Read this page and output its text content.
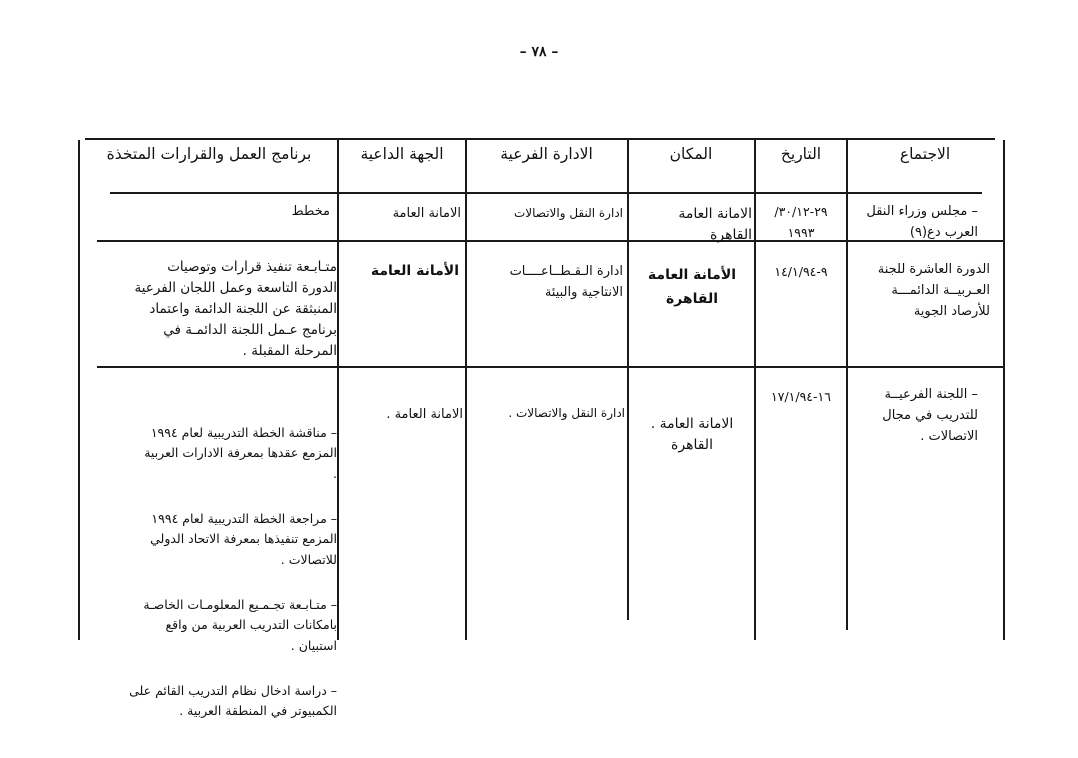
– ٧٨ –
الاجتماع
التاريخ
المكان
الادارة الفرعية
الجهة الداعية
برنامج العمل والقرارات المتخذة
– مجلس وزراء النقل
العرب دع(٩)
٢٩-٣٠/١٢/
١٩٩٣
الامانة العامة
القاهرة
ادارة النقل والاتصالات
الامانة العامة
مخطط
الدورة العاشرة للجنة
العـربيــة الدائمـــة
للأرصاد الجوية
٩-١٤/١/٩٤
الأمانة العامة
القاهرة
ادارة الـقـطــاعــــات
الانتاجية والبيئة
الأمانة العامة
متـابـعة تنفيذ قرارات وتوصيات
الدورة التاسعة وعمل اللجان الفرعية
المنبثقة عن اللجنة الدائمة واعتماد
برنامج عـمل اللجنة الدائمـة في
المرحلة المقبلة .
– اللجنة الفرعيــة
للتدريب في مجال
الاتصالات .
١٦-١٧/١/٩٤
الامانة العامة .
القاهرة
ادارة النقل والاتصالات .
الامانة العامة .

– مناقشة الخطة التدريبية لعام ١٩٩٤
المزمع عقدها بمعرفة الادارات العربية
.

– مراجعة الخطة التدريبية لعام ١٩٩٤
المزمع تنفيذها بمعرفة الاتحاد الدولي
للاتصالات .

– متـابـعة تجـمـيع المعلومـات الخاصـة
بامكانات التدريب العربية من واقع
استبيان .

– دراسة ادخال نظام التدريب القائم على
الكمبيوتر في المنطقة العربية .
